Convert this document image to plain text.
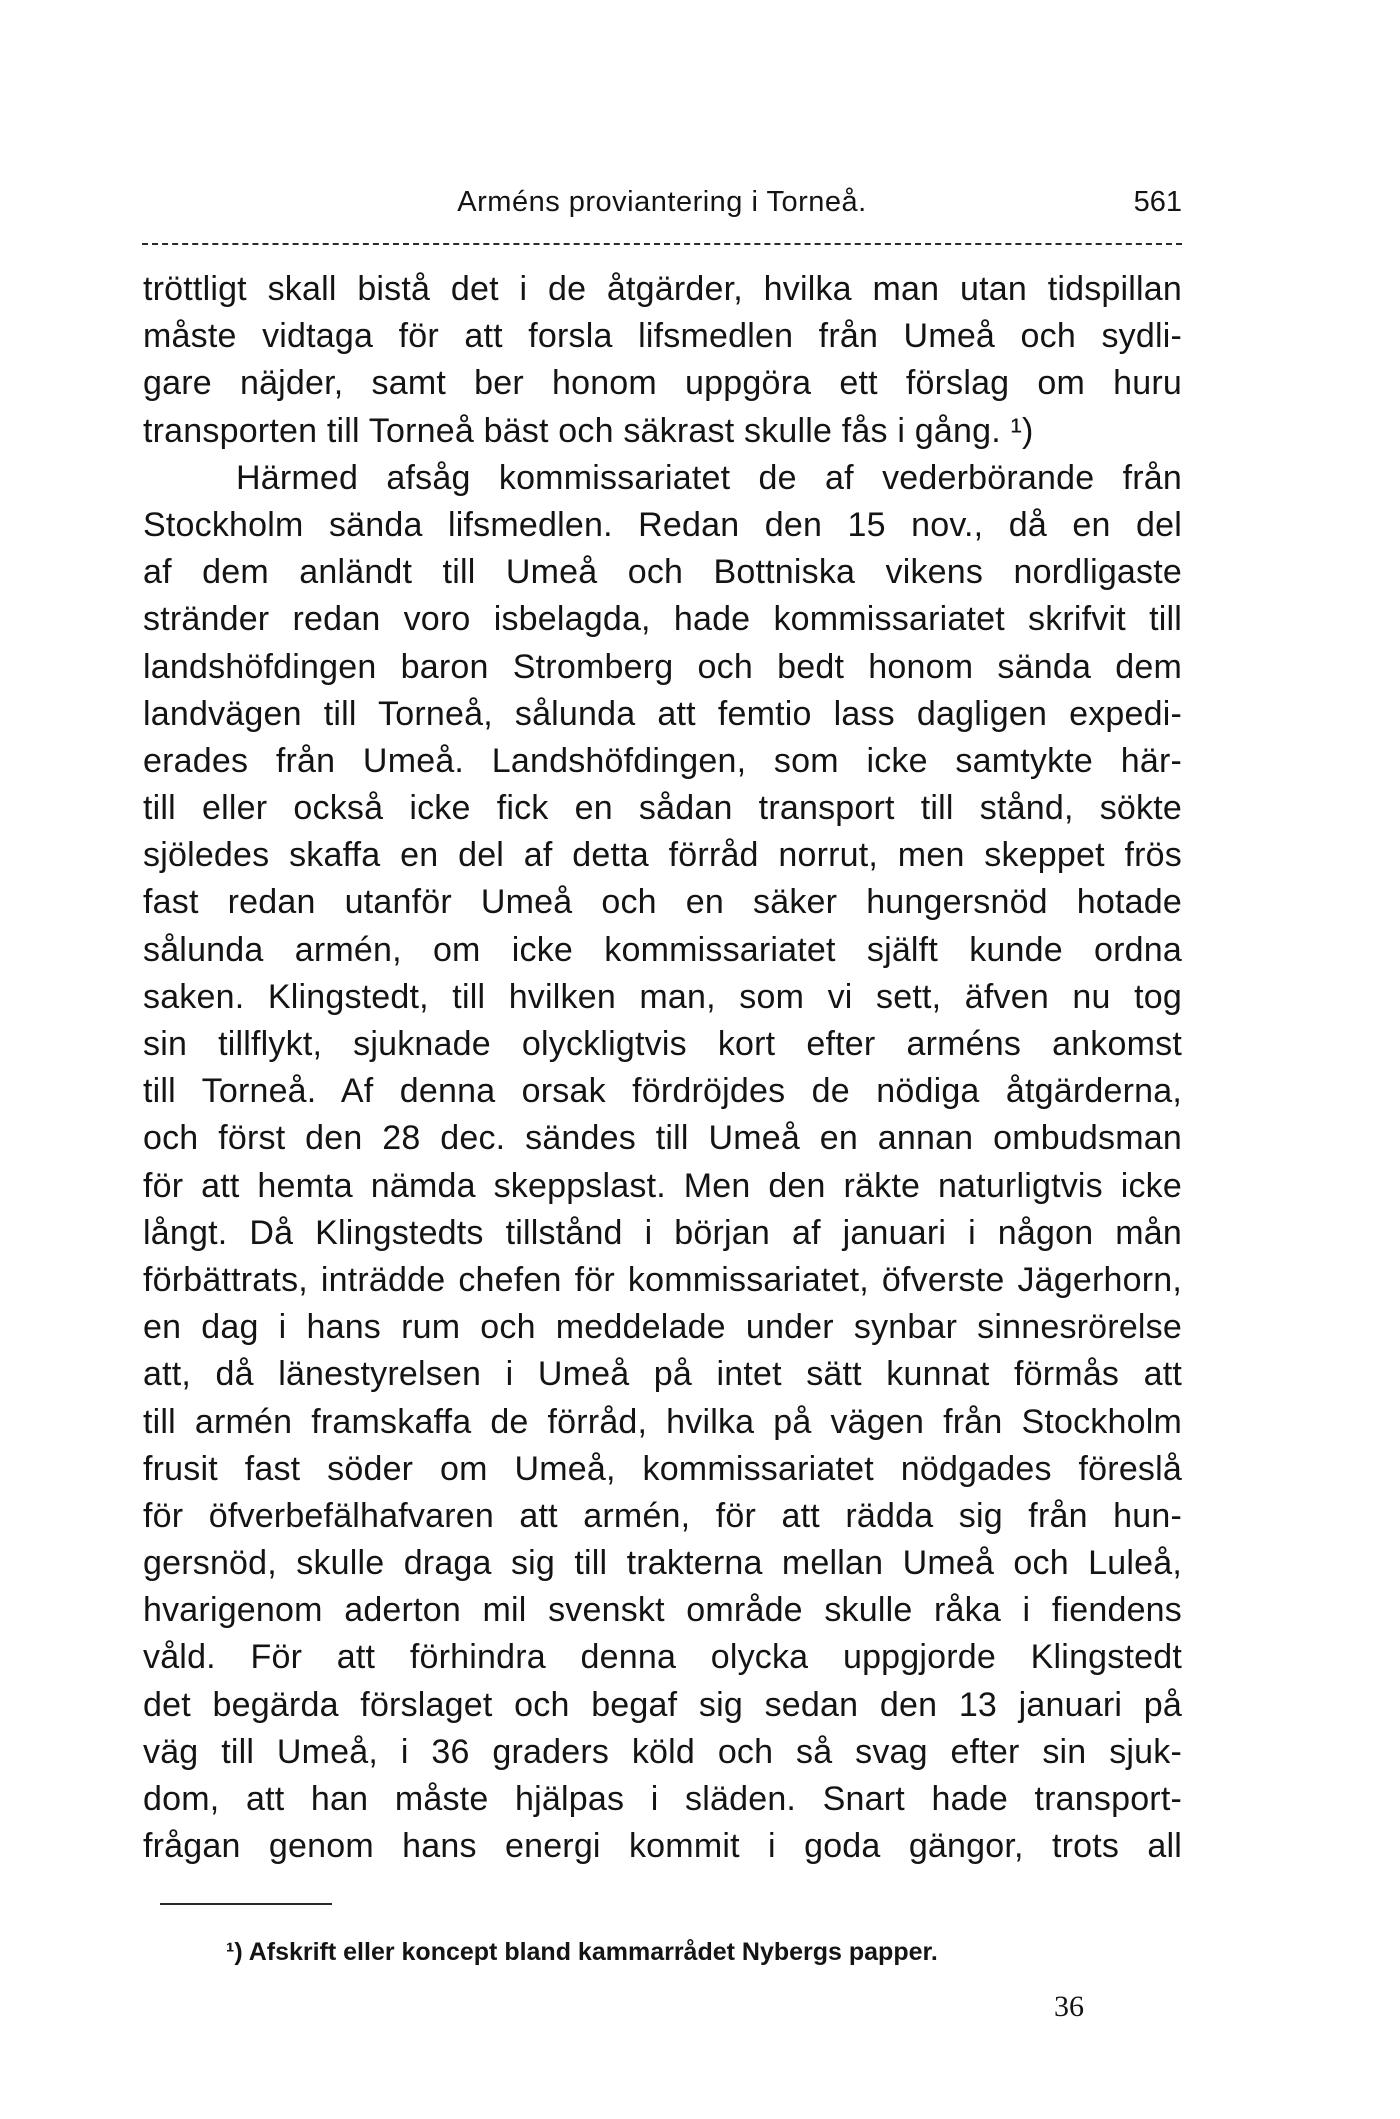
Arméns proviantering i Torneå.	561
tröttligt skall bistå det i de åtgärder, hvilka man utan tidspillan
måste vidtaga för att forsla lifsmedlen från Umeå och sydli-
gare näjder, samt ber honom uppgöra ett förslag om huru
transporten till Torneå bäst och säkrast skulle fås i gång. ¹)
Härmed afsåg kommissariatet de af vederbörande från
Stockholm sända lifsmedlen. Redan den 15 nov., då en del
af dem anländt till Umeå och Bottniska vikens nordligaste
stränder redan voro isbelagda, hade kommissariatet skrifvit till
landshöfdingen baron Stromberg och bedt honom sända dem
landvägen till Torneå, sålunda att femtio lass dagligen expedi-
erades från Umeå. Landshöfdingen, som icke samtykte här-
till eller också icke fick en sådan transport till stånd, sökte
sjöledes skaffa en del af detta förråd norrut, men skeppet frös
fast redan utanför Umeå och en säker hungersnöd hotade
sålunda armén, om icke kommissariatet själft kunde ordna
saken. Klingstedt, till hvilken man, som vi sett, äfven nu tog
sin tillflykt, sjuknade olyckligtvis kort efter arméns ankomst
till Torneå. Af denna orsak fördröjdes de nödiga åtgärderna,
och först den 28 dec. sändes till Umeå en annan ombudsman
för att hemta nämda skeppslast. Men den räkte naturligtvis icke
långt. Då Klingstedts tillstånd i början af januari i någon mån
förbättrats, inträdde chefen för kommissariatet, öfverste Jägerhorn,
en dag i hans rum och meddelade under synbar sinnesrörelse
att, då länestyrelsen i Umeå på intet sätt kunnat förmås att
till armén framskaffa de förråd, hvilka på vägen från Stockholm
frusit fast söder om Umeå, kommissariatet nödgades föreslå
för öfverbefälhafvaren att armén, för att rädda sig från hun-
gersnöd, skulle draga sig till trakterna mellan Umeå och Luleå,
hvarigenom aderton mil svenskt område skulle råka i fiendens
våld. För att förhindra denna olycka uppgjorde Klingstedt
det begärda förslaget och begaf sig sedan den 13 januari på
väg till Umeå, i 36 graders köld och så svag efter sin sjuk-
dom, att han måste hjälpas i släden. Snart hade transport-
frågan genom hans energi kommit i goda gängor, trots all
¹) Afskrift eller koncept bland kammarrådet Nybergs papper.
36
